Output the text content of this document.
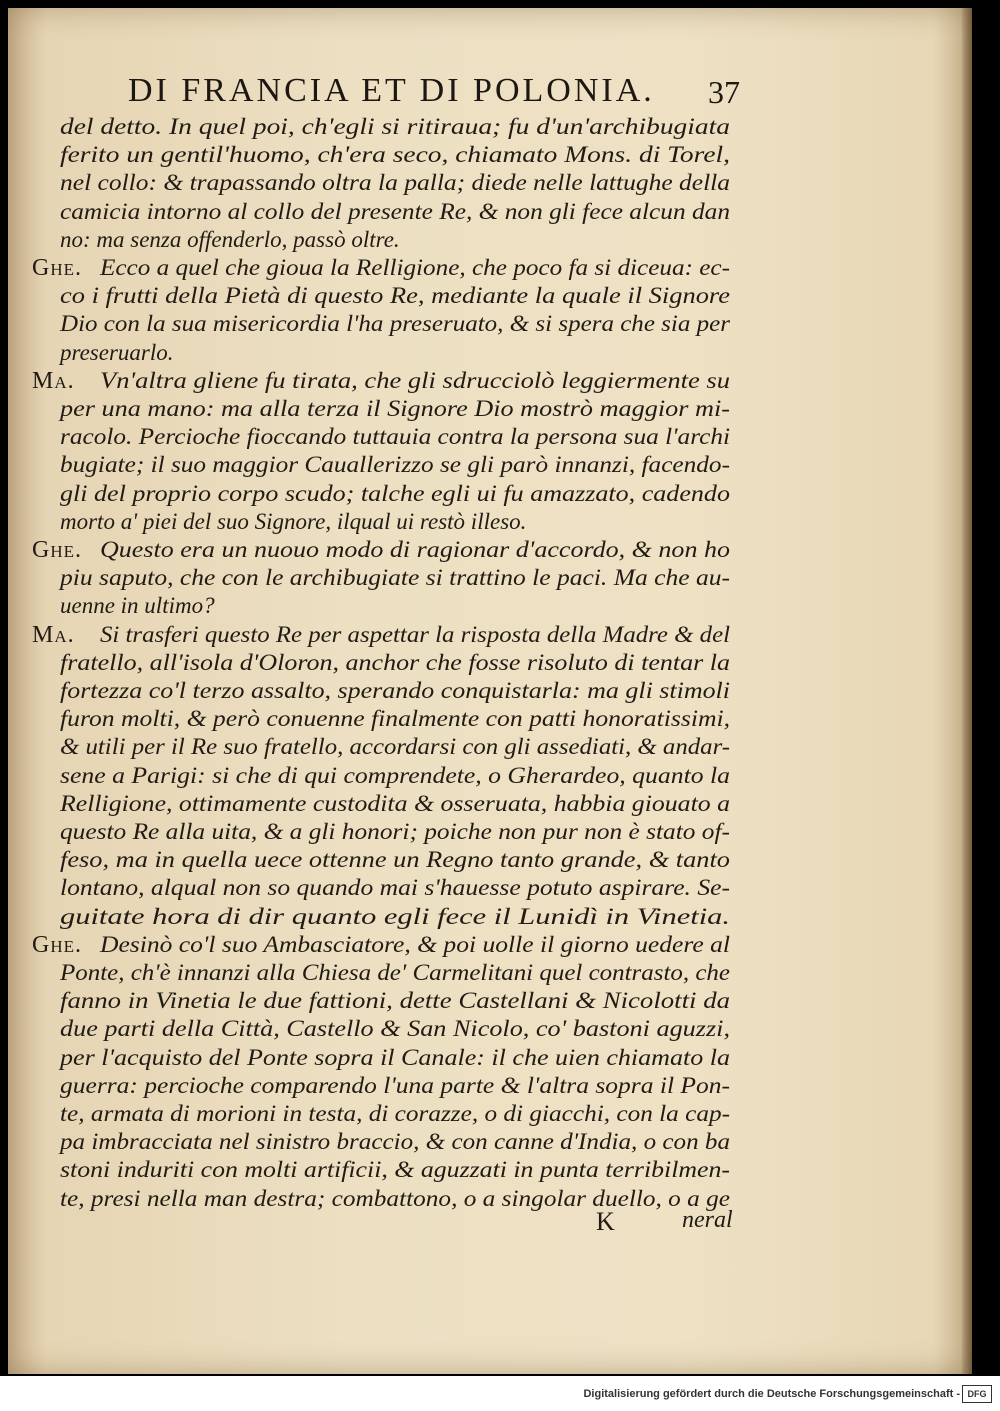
DI FRANCIA ET DI POLONIA. 37
del detto. In quel poi, ch'egli si ritiraua; fu d'un'archibugiata
ferito un gentil'huomo, ch'era seco, chiamato Mons. di Torel,
nel collo: & trapassando oltra la palla; diede nelle lattughe della
camicia intorno al collo del presente Re, & non gli fece alcun dan
no: ma senza offenderlo, passò oltre.
Ghe. Ecco a quel che gioua la Relligione, che poco fa si diceua: ec-
co i frutti della Pietà di questo Re, mediante la quale il Signore
Dio con la sua misericordia l'ha preseruato, & si spera che sia per
preseruarlo.
Ma. Vn'altra gliene fu tirata, che gli sdrucciolò leggiermente su
per una mano: ma alla terza il Signore Dio mostrò maggior mi-
racolo. Percioche fioccando tuttauia contra la persona sua l'archi
bugiate; il suo maggior Cauallerizzo se gli parò innanzi, facendo-
gli del proprio corpo scudo; talche egli ui fu amazzato, cadendo
morto a' piei del suo Signore, ilqual ui restò illeso.
Ghe. Questo era un nuouo modo di ragionar d'accordo, & non ho
piu saputo, che con le archibugiate si trattino le paci. Ma che au-
uenne in ultimo?
Ma. Si trasferi questo Re per aspettar la risposta della Madre & del
fratello, all'isola d'Oloron, anchor che fosse risoluto di tentar la
fortezza co'l terzo assalto, sperando conquistarla: ma gli stimoli
furon molti, & però conuenne finalmente con patti honoratissimi,
& utili per il Re suo fratello, accordarsi con gli assediati, & andar-
sene a Parigi: si che di qui comprendete, o Gherardeo, quanto la
Relligione, ottimamente custodita & osseruata, habbia giouato a
questo Re alla uita, & a gli honori; poiche non pur non è stato of-
feso, ma in quella uece ottenne un Regno tanto grande, & tanto
lontano, alqual non so quando mai s'hauesse potuto aspirare. Se-
guitate hora di dir quanto egli fece il Lunidì in Vinetia.
Ghe. Desinò co'l suo Ambasciatore, & poi uolle il giorno uedere al
Ponte, ch'è innanzi alla Chiesa de' Carmelitani quel contrasto, che
fanno in Vinetia le due fattioni, dette Castellani & Nicolotti da
due parti della Città, Castello & San Nicolo, co' bastoni aguzzi,
per l'acquisto del Ponte sopra il Canale: il che uien chiamato la
guerra: percioche comparendo l'una parte & l'altra sopra il Pon-
te, armata di morioni in testa, di corazze, o di giacchi, con la cap-
pa imbracciata nel sinistro braccio, & con canne d'India, o con ba
stoni induriti con molti artificii, & aguzzati in punta terribilmen-
te, presi nella man destra; combattono, o a singolar duello, o a ge
K	neral
Digitalisierung gefördert durch die Deutsche Forschungsgemeinschaft - DFG
